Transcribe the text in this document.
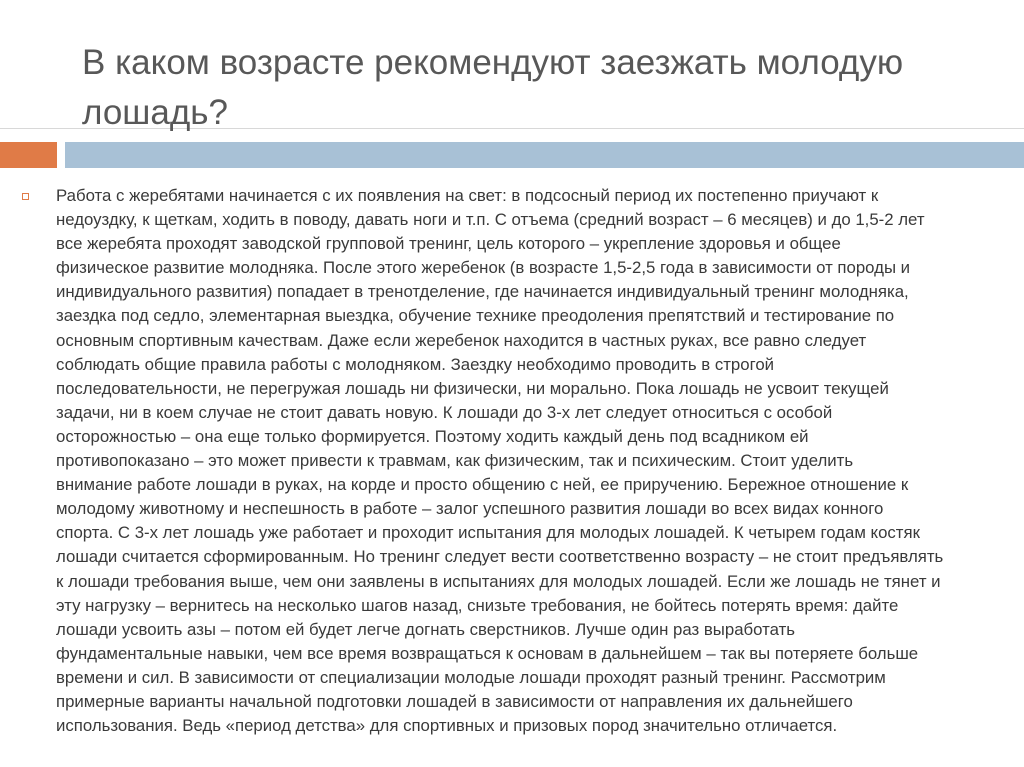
В каком возрасте рекомендуют заезжать молодую лошадь?
Работа с жеребятами начинается с их появления на свет: в подсосный период их постепенно приучают к
недоуздку, к щеткам, ходить в поводу, давать ноги и т.п. С отъема (средний возраст – 6 месяцев) и до 1,5-2 лет
все жеребята проходят заводской групповой тренинг, цель которого – укрепление здоровья и общее
физическое развитие молодняка. После этого жеребенок (в возрасте 1,5-2,5 года в зависимости от породы и
индивидуального развития) попадает в тренотделение, где начинается индивидуальный тренинг молодняка,
заездка под седло, элементарная выездка, обучение технике преодоления препятствий и тестирование по
основным спортивным качествам. Даже если жеребенок находится в частных руках, все равно следует
соблюдать общие правила работы с молодняком. Заездку необходимо проводить в строгой
последовательности, не перегружая лошадь ни физически, ни морально. Пока лошадь не усвоит текущей
задачи, ни в коем случае не стоит давать новую. К лошади до 3-х лет следует относиться с особой
осторожностью – она еще только формируется. Поэтому ходить каждый день под всадником ей
противопоказано – это может привести к травмам, как физическим, так и психическим. Стоит уделить
внимание работе лошади в руках, на корде и просто общению с ней, ее приручению. Бережное отношение к
молодому животному и неспешность в работе – залог успешного развития лошади во всех видах конного
спорта. С 3-х лет лошадь уже работает и проходит испытания для молодых лошадей. К четырем годам костяк
лошади считается сформированным. Но тренинг следует вести соответственно возрасту – не стоит предъявлять
к лошади требования выше, чем они заявлены в испытаниях для молодых лошадей. Если же лошадь не тянет и
эту нагрузку – вернитесь на несколько шагов назад, снизьте требования, не бойтесь потерять время: дайте
лошади усвоить азы – потом ей будет легче догнать сверстников. Лучше один раз выработать
фундаментальные навыки, чем все время возвращаться к основам в дальнейшем – так вы потеряете больше
времени и сил. В зависимости от специализации молодые лошади проходят разный тренинг. Рассмотрим
примерные варианты начальной подготовки лошадей в зависимости от направления их дальнейшего
использования. Ведь «период детства» для спортивных и призовых пород значительно отличается.
